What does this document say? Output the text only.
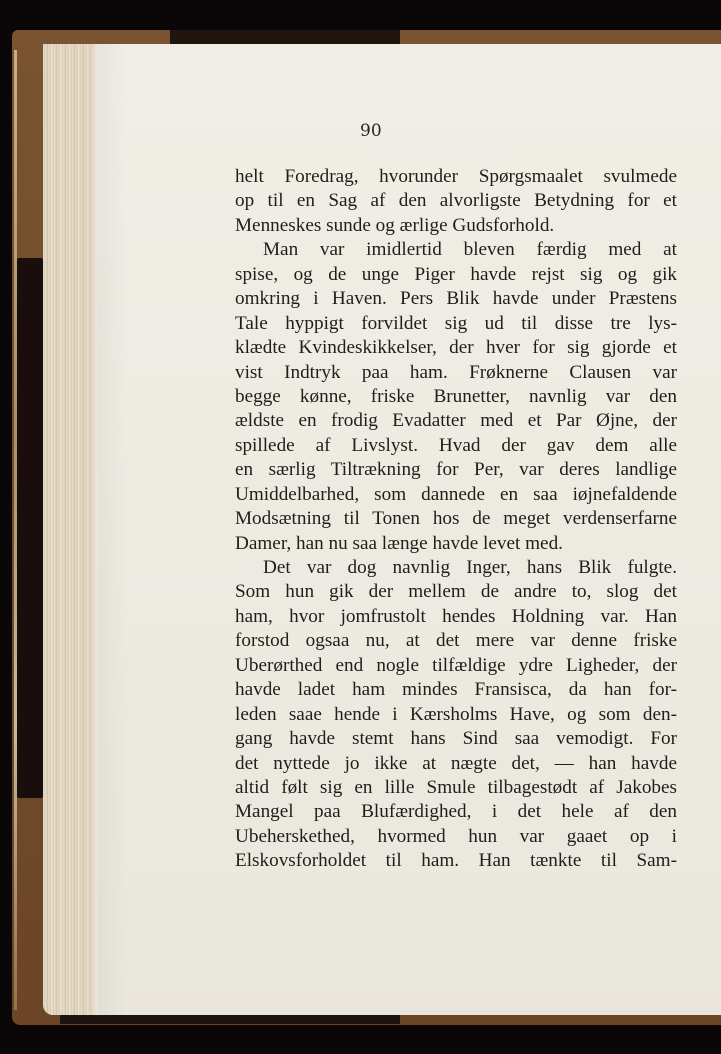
90
helt Foredrag, hvorunder Spørgsmaalet svulmede
op til en Sag af den alvorligste Betydning for et
Menneskes sunde og ærlige Gudsforhold.
Man var imidlertid bleven færdig med at
spise, og de unge Piger havde rejst sig og gik
omkring i Haven. Pers Blik havde under Præstens
Tale hyppigt forvildet sig ud til disse tre lys-
klædte Kvindeskikkelser, der hver for sig gjorde et
vist Indtryk paa ham. Frøknerne Clausen var
begge kønne, friske Brunetter, navnlig var den
ældste en frodig Evadatter med et Par Øjne, der
spillede af Livslyst. Hvad der gav dem alle
en særlig Tiltrækning for Per, var deres landlige
Umiddelbarhed, som dannede en saa iøjnefaldende
Modsætning til Tonen hos de meget verdenserfarne
Damer, han nu saa længe havde levet med.
Det var dog navnlig Inger, hans Blik fulgte.
Som hun gik der mellem de andre to, slog det
ham, hvor jomfrustolt hendes Holdning var. Han
forstod ogsaa nu, at det mere var denne friske
Uberørthed end nogle tilfældige ydre Ligheder, der
havde ladet ham mindes Fransisca, da han for-
leden saae hende i Kærsholms Have, og som den-
gang havde stemt hans Sind saa vemodigt. For
det nyttede jo ikke at nægte det, — han havde
altid følt sig en lille Smule tilbagestødt af Jakobes
Mangel paa Blufærdighed, i det hele af den
Ubeherskethed, hvormed hun var gaaet op i
Elskovsforholdet til ham. Han tænkte til Sam-
